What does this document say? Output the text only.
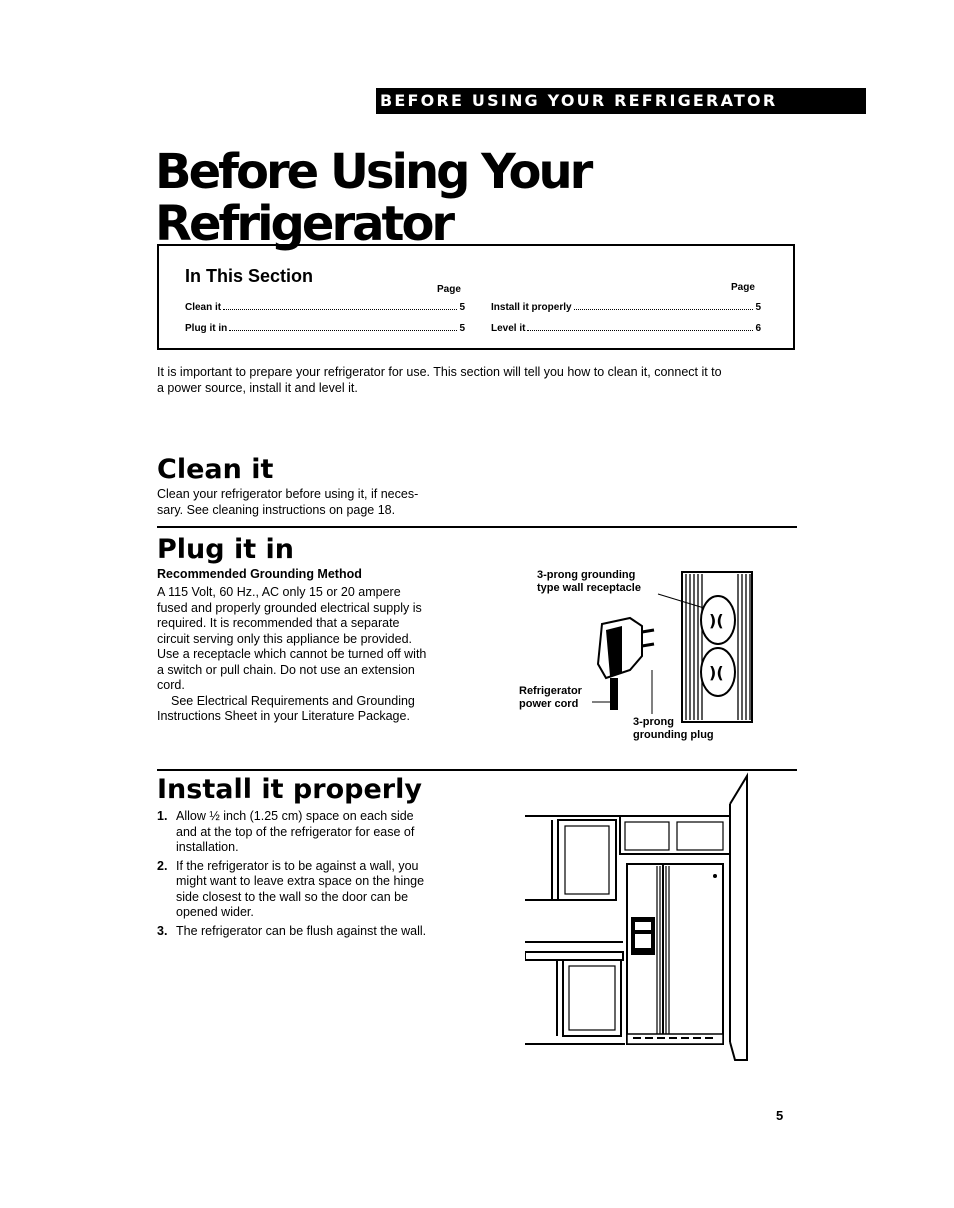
BEFORE USING YOUR REFRIGERATOR
Before Using Your
Refrigerator
In This Section
Page	Page
Clean it	5
Plug it in	5
Install it properly	5
Level it	6
It is important to prepare your refrigerator for use. This section will tell you how to clean it, connect it to
a power source, install it and level it.
Clean it
Clean your refrigerator before using it, if neces-
sary. See cleaning instructions on page 18.
Plug it in
Recommended Grounding Method
A 115 Volt, 60 Hz., AC only 15 or 20 ampere
fused and properly grounded electrical supply is
required. It is recommended that a separate
circuit serving only this appliance be provided.
Use a receptacle which cannot be turned off with
a switch or pull chain. Do not use an extension
cord.
See Electrical Requirements and Grounding
Instructions Sheet in your Literature Package.
)(
)(
3-prong grounding
type wall receptacle
Refrigerator
power cord
3-prong
grounding plug
Install it properly
1. Allow ½ inch (1.25 cm) space on each side
and at the top of the refrigerator for ease of
installation.
2. If the refrigerator is to be against a wall, you
might want to leave extra space on the hinge
side closest to the wall so the door can be
opened wider.
3. The refrigerator can be flush against the wall.
5
